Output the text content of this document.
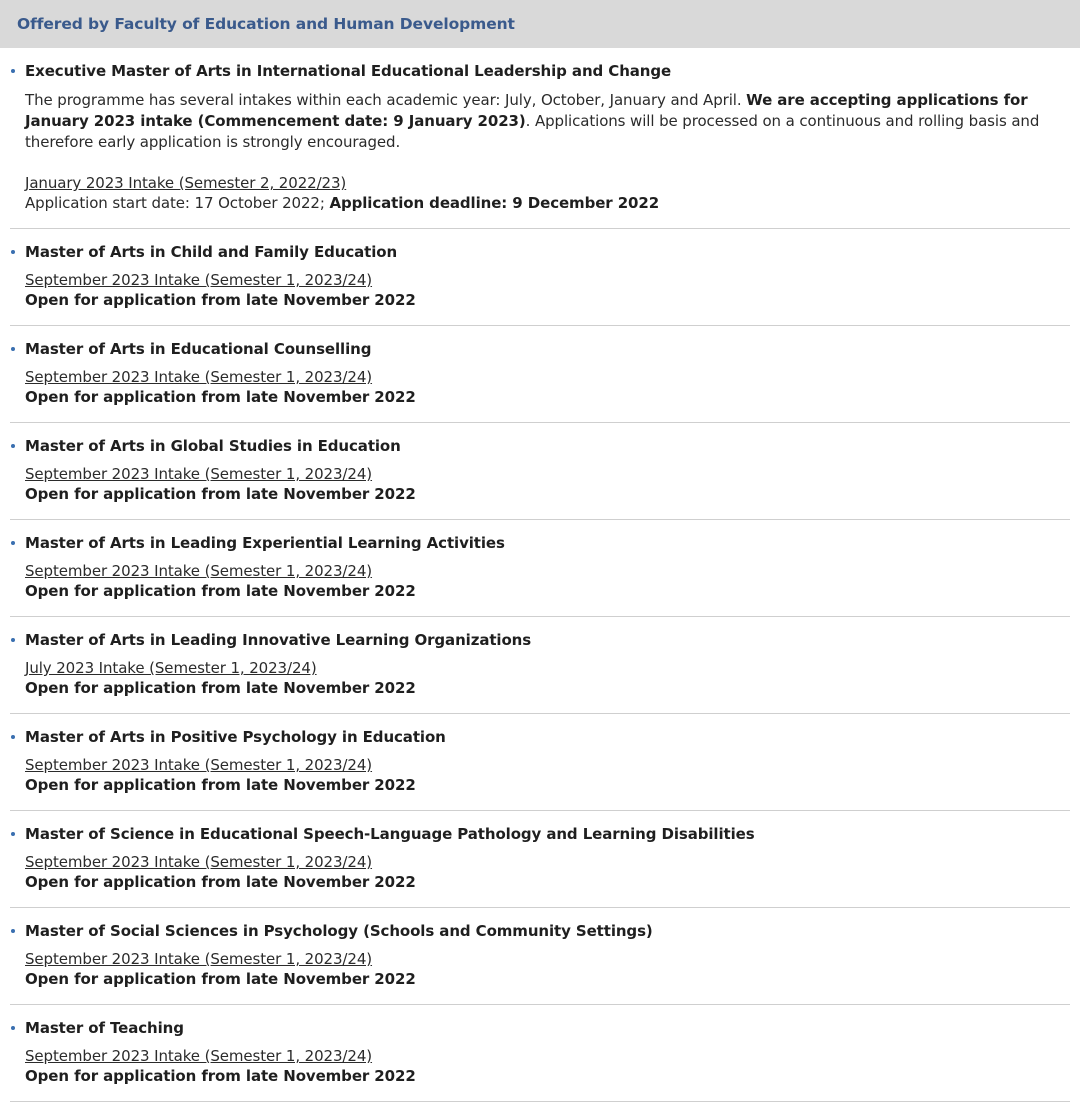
Offered by Faculty of Education and Human Development
Executive Master of Arts in International Educational Leadership and Change
The programme has several intakes within each academic year: July, October, January and April. We are accepting applications for January 2023 intake (Commencement date: 9 January 2023). Applications will be processed on a continuous and rolling basis and therefore early application is strongly encouraged.
January 2023 Intake (Semester 2, 2022/23)
Application start date: 17 October 2022; Application deadline: 9 December 2022
Master of Arts in Child and Family Education
September 2023 Intake (Semester 1, 2023/24)
Open for application from late November 2022
Master of Arts in Educational Counselling
September 2023 Intake (Semester 1, 2023/24)
Open for application from late November 2022
Master of Arts in Global Studies in Education
September 2023 Intake (Semester 1, 2023/24)
Open for application from late November 2022
Master of Arts in Leading Experiential Learning Activities
September 2023 Intake (Semester 1, 2023/24)
Open for application from late November 2022
Master of Arts in Leading Innovative Learning Organizations
July 2023 Intake (Semester 1, 2023/24)
Open for application from late November 2022
Master of Arts in Positive Psychology in Education
September 2023 Intake (Semester 1, 2023/24)
Open for application from late November 2022
Master of Science in Educational Speech-Language Pathology and Learning Disabilities
September 2023 Intake (Semester 1, 2023/24)
Open for application from late November 2022
Master of Social Sciences in Psychology (Schools and Community Settings)
September 2023 Intake (Semester 1, 2023/24)
Open for application from late November 2022
Master of Teaching
September 2023 Intake (Semester 1, 2023/24)
Open for application from late November 2022
